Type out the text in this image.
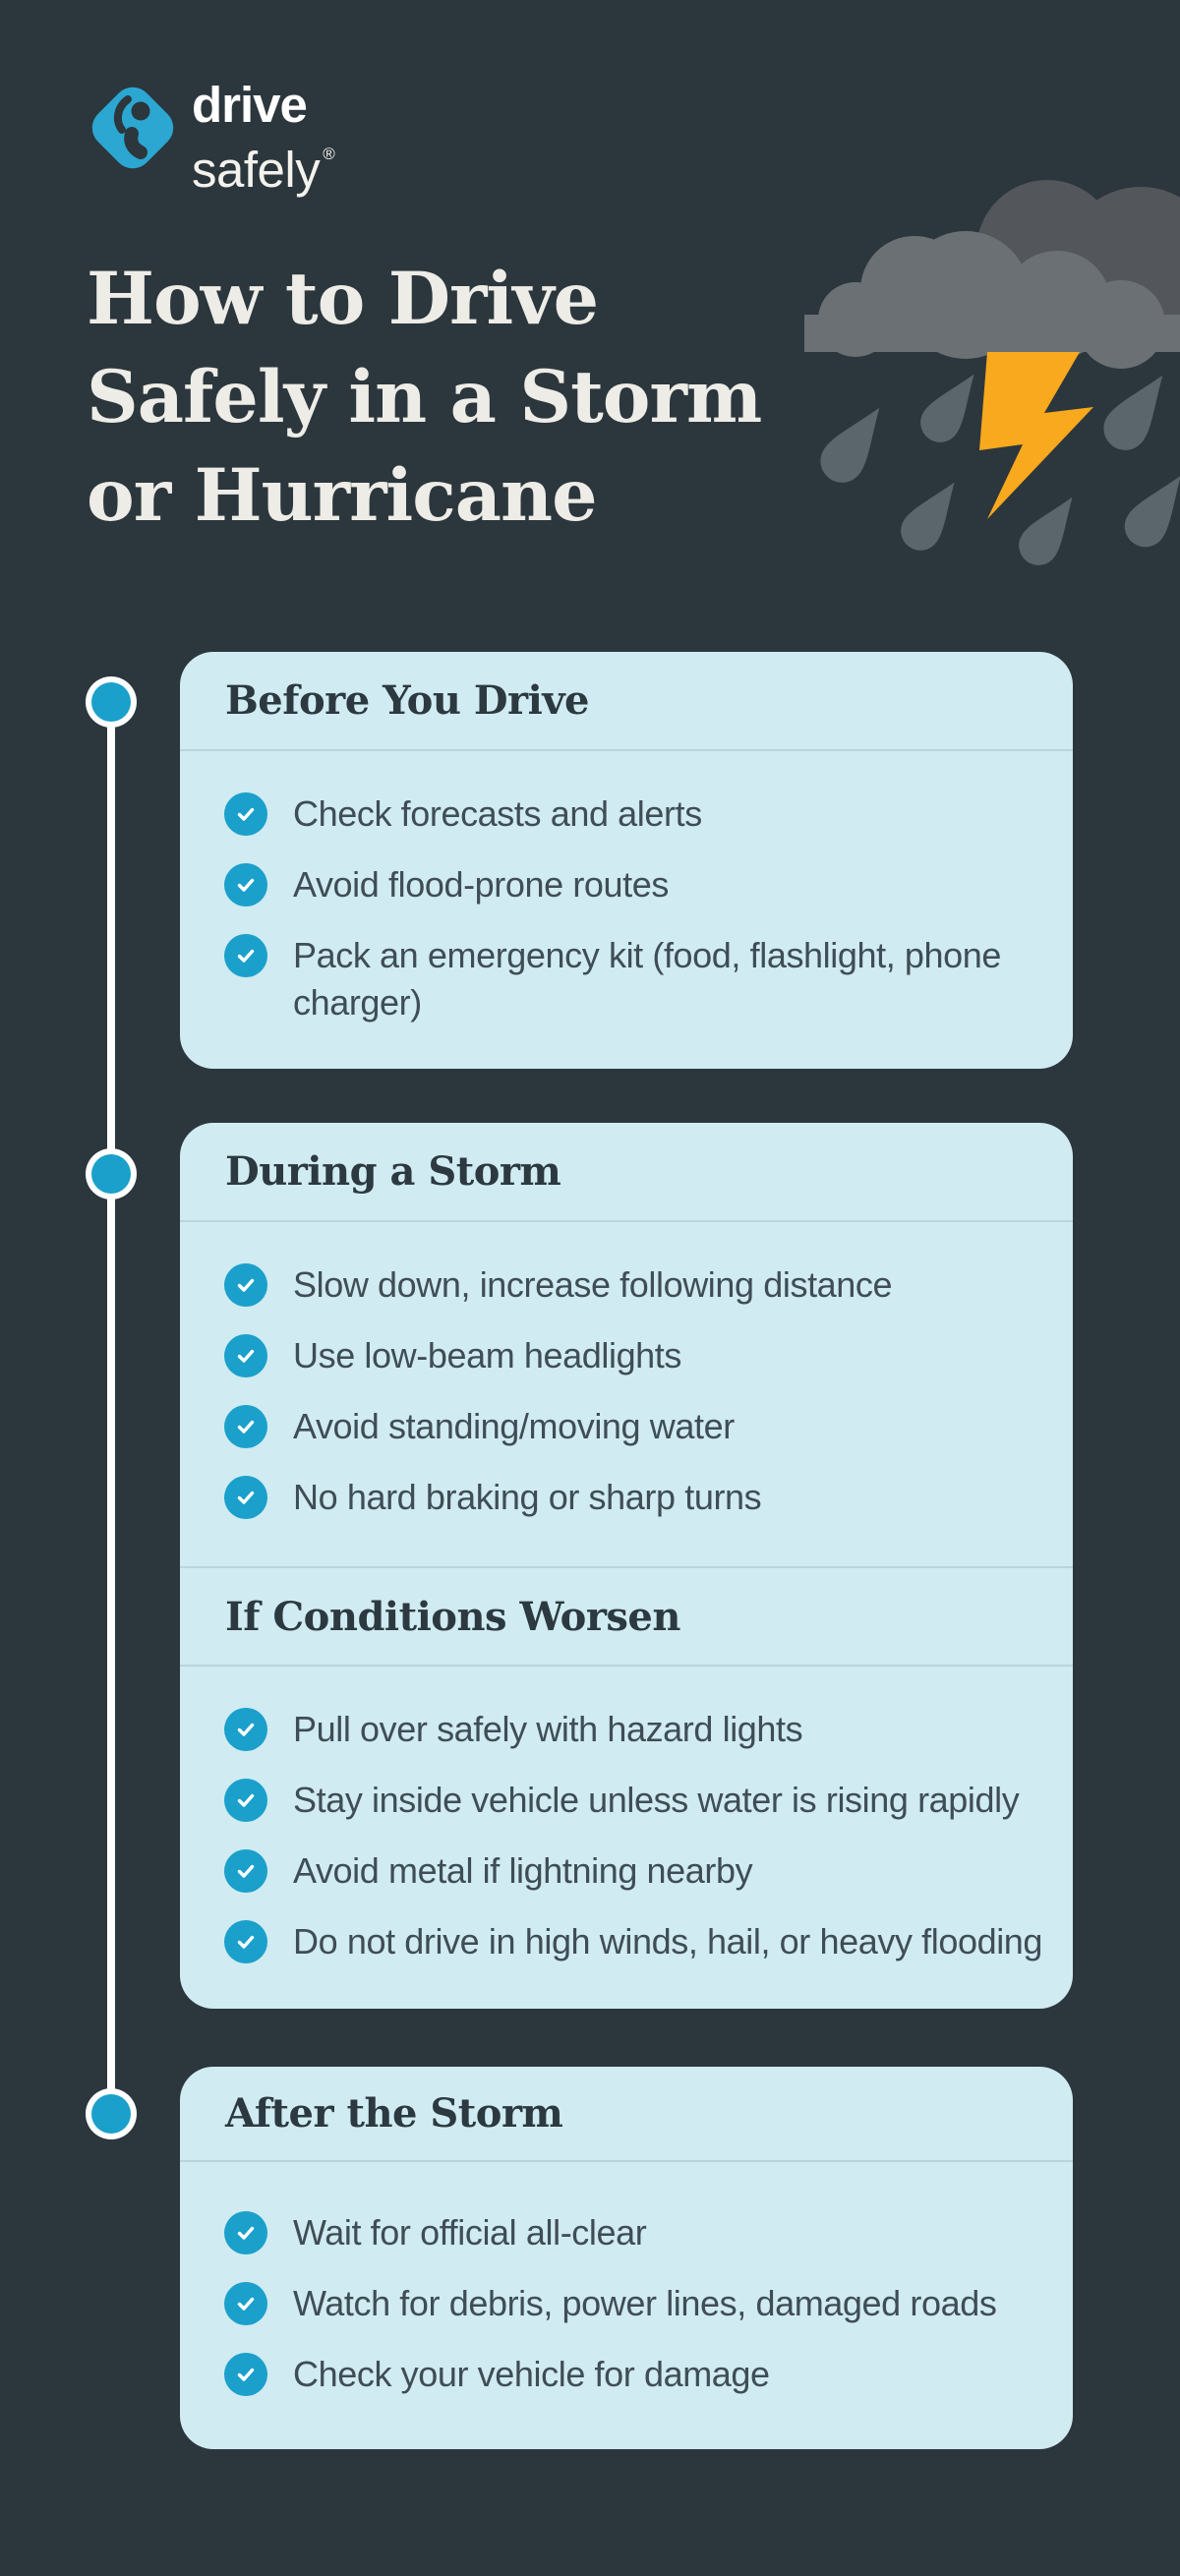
drive
safely ®
How to Drive
Safely in a Storm
or Hurricane
Before You Drive
Check forecasts and alerts
Avoid flood-prone routes
Pack an emergency kit (food, flashlight, phone charger)
During a Storm
Slow down, increase following distance
Use low-beam headlights
Avoid standing/moving water
No hard braking or sharp turns
If Conditions Worsen
Pull over safely with hazard lights
Stay inside vehicle unless water is rising rapidly
Avoid metal if lightning nearby
Do not drive in high winds, hail, or heavy flooding
After the Storm
Wait for official all-clear
Watch for debris, power lines, damaged roads
Check your vehicle for damage
